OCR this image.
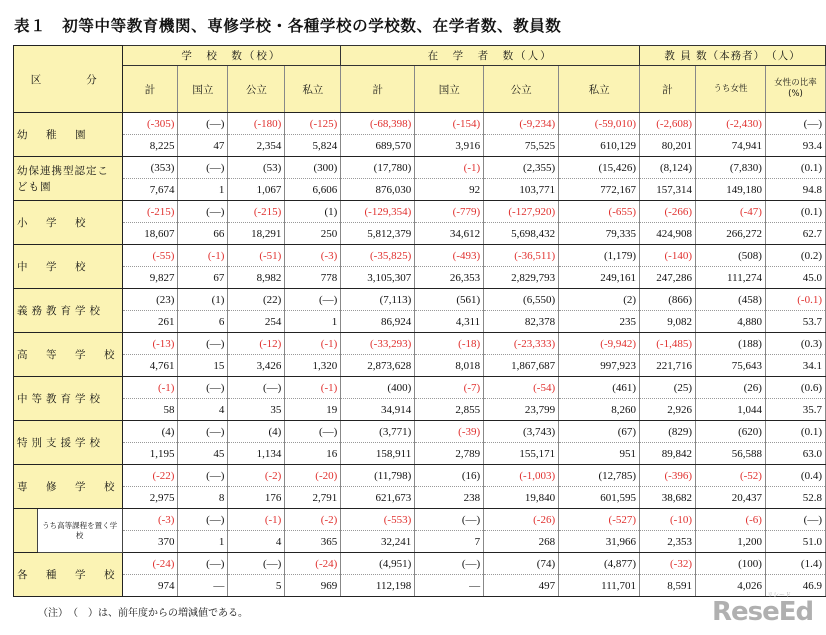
表１　初等中等教育機関、専修学校・各種学校の学校数、在学者数、教員数
区　　分		学　校　数（校）				在　学　者　数（人）				教 員 数（本務者）　（人）		
		計	国立	公立	私立	計	国立	公立	私立	計	うち女性	女性の比率(%)
幼　稚　園		(-305)	(―)	(-180)	(-125)	(-68,398)	(-154)	(-9,234)	(-59,010)	(-2,608)	(-2,430)	(―)
		8,225	47	2,354	5,824	689,570	3,916	75,525	610,129	80,201	74,941	93.4
幼保連携型認定こども園		(353)	(―)	(53)	(300)	(17,780)	(-1)	(2,355)	(15,426)	(8,124)	(7,830)	(0.1)
		7,674	1	1,067	6,606	876,030	92	103,771	772,167	157,314	149,180	94.8
小　学　校		(-215)	(―)	(-215)	(1)	(-129,354)	(-779)	(-127,920)	(-655)	(-266)	(-47)	(0.1)
		18,607	66	18,291	250	5,812,379	34,612	5,698,432	79,335	424,908	266,272	62.7
中　学　校		(-55)	(-1)	(-51)	(-3)	(-35,825)	(-493)	(-36,511)	(1,179)	(-140)	(508)	(0.2)
		9,827	67	8,982	778	3,105,307	26,353	2,829,793	249,161	247,286	111,274	45.0
義務教育学校		(23)	(1)	(22)	(―)	(7,113)	(561)	(6,550)	(2)	(866)	(458)	(-0.1)
		261	6	254	1	86,924	4,311	82,378	235	9,082	4,880	53.7
高　等　学　校		(-13)	(―)	(-12)	(-1)	(-33,293)	(-18)	(-23,333)	(-9,942)	(-1,485)	(188)	(0.3)
		4,761	15	3,426	1,320	2,873,628	8,018	1,867,687	997,923	221,716	75,643	34.1
中等教育学校		(-1)	(―)	(―)	(-1)	(400)	(-7)	(-54)	(461)	(25)	(26)	(0.6)
		58	4	35	19	34,914	2,855	23,799	8,260	2,926	1,044	35.7
特別支援学校		(4)	(―)	(4)	(―)	(3,771)	(-39)	(3,743)	(67)	(829)	(620)	(0.1)
		1,195	45	1,134	16	158,911	2,789	155,171	951	89,842	56,588	63.0
専　修　学　校		(-22)	(―)	(-2)	(-20)	(11,798)	(16)	(-1,003)	(12,785)	(-396)	(-52)	(0.4)
		2,975	8	176	2,791	621,673	238	19,840	601,595	38,682	20,437	52.8
	うち高等課程を置く学校	(-3)	(―)	(-1)	(-2)	(-553)	(―)	(-26)	(-527)	(-10)	(-6)	(―)
		370	1	4	365	32,241	7	268	31,966	2,353	1,200	51.0
各　種　学　校		(-24)	(―)	(―)	(-24)	(4,951)	(―)	(74)	(4,877)	(-32)	(100)	(1.4)
		974	―	5	969	112,198	―	497	111,701	8,591	4,026	46.9
（注）　（　）は、前年度からの増減値である。
リシード
ReseEd
